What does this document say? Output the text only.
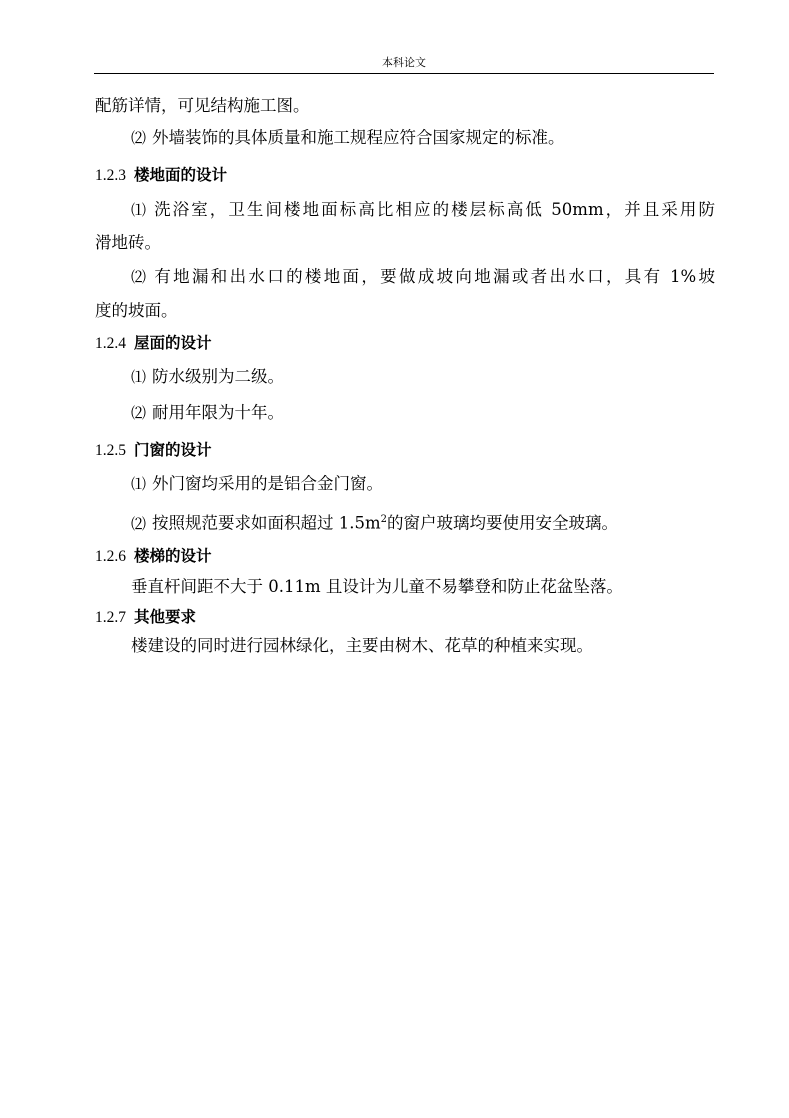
本科论文
配筋详情，可见结构施工图。
⑵ 外墙装饰的具体质量和施工规程应符合国家规定的标准。
1.2.3 楼地面的设计
⑴ 洗浴室，卫生间楼地面标高比相应的楼层标高低 50mm，并且采用防
滑地砖。
⑵ 有地漏和出水口的楼地面，要做成坡向地漏或者出水口，具有 1%坡
度的坡面。
1.2.4 屋面的设计
⑴ 防水级别为二级。
⑵ 耐用年限为十年。
1.2.5 门窗的设计
⑴ 外门窗均采用的是铝合金门窗。
⑵ 按照规范要求如面积超过 $1.5m^2$的窗户玻璃均要使用安全玻璃。
1.2.6 楼梯的设计
垂直杆间距不大于 0.11m 且设计为儿童不易攀登和防止花盆坠落。
1.2.7 其他要求
楼建设的同时进行园林绿化，主要由树木、花草的种植来实现。
